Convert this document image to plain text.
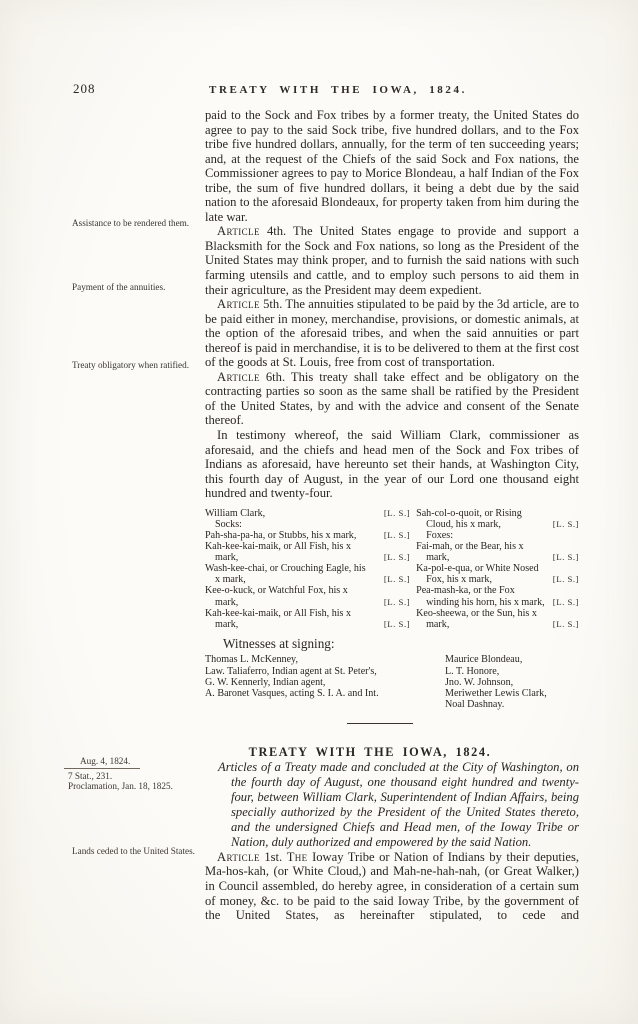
208	TREATY WITH THE IOWA, 1824.
Assistance to be rendered them.
Payment of the annuities.
Treaty obligatory when ratified.
Aug. 4, 1824.
7 Stat., 231.
Proclamation, Jan. 18, 1825.
Lands ceded to the United States.

paid to the Sock and Fox tribes by a former treaty, the United States do agree to pay to the said Sock tribe, five hundred dollars, and to the Fox tribe five hundred dollars, annually, for the term of ten succeeding years; and, at the request of the Chiefs of the said Sock and Fox nations, the Commissioner agrees to pay to Morice Blondeau, a half Indian of the Fox tribe, the sum of five hundred dollars, it being a debt due by the said nation to the aforesaid Blondeaux, for property taken from him during the late war.

Article 4th. The United States engage to provide and support a Blacksmith for the Sock and Fox nations, so long as the President of the United States may think proper, and to furnish the said nations with such farming utensils and cattle, and to employ such persons to aid them in their agriculture, as the President may deem expedient.

Article 5th. The annuities stipulated to be paid by the 3d article, are to be paid either in money, merchandise, provisions, or domestic animals, at the option of the aforesaid tribes, and when the said annuities or part thereof is paid in merchandise, it is to be delivered to them at the first cost of the goods at St. Louis, free from cost of transportation.

Article 6th. This treaty shall take effect and be obligatory on the contracting parties so soon as the same shall be ratified by the President of the United States, by and with the advice and consent of the Senate thereof.

In testimony whereof, the said William Clark, commissioner as aforesaid, and the chiefs and head men of the Sock and Fox tribes of Indians as aforesaid, have hereunto set their hands, at Washington City, this fourth day of August, in the year of our Lord one thousand eight hundred and twenty-four.

William Clark,	[L. S.]
Socks:
Pah-sha-pa-ha, or Stubbs, his x mark,	[L. S.]
Kah-kee-kai-maik, or All Fish, his x mark,	[L. S.]
Wash-kee-chai, or Crouching Eagle, his x mark,	[L. S.]
Kee-o-kuck, or Watchful Fox, his x mark,	[L. S.]
Kah-kee-kai-maik, or All Fish, his x mark,	[L. S.]
Sah-col-o-quoit, or Rising Cloud, his x mark,	[L. S.]
Foxes:
Fai-mah, or the Bear, his x mark,	[L. S.]
Ka-pol-e-qua, or White Nosed Fox, his x mark,	[L. S.]
Pea-mash-ka, or the Fox winding his horn, his x mark, [L. S.]
Keo-sheewa, or the Sun, his x mark,	[L. S.]
Witnesses at signing:
Thomas L. McKenney,
Law. Taliaferro, Indian agent at St. Peter's,
G. W. Kennerly, Indian agent,
A. Baronet Vasques, acting S. I. A. and Int.
Maurice Blondeau,
L. T. Honore,
Jno. W. Johnson,
Meriwether Lewis Clark,
Noal Dashnay.
TREATY WITH THE IOWA, 1824.

Articles of a Treaty made and concluded at the City of Washington, on the fourth day of August, one thousand eight hundred and twenty-four, between William Clark, Superintendent of Indian Affairs, being specially authorized by the President of the United States thereto, and the undersigned Chiefs and Head men, of the Ioway Tribe or Nation, duly authorized and empowered by the said Nation.

Article 1st. The Ioway Tribe or Nation of Indians by their deputies, Ma-hos-kah, (or White Cloud,) and Mah-ne-hah-nah, (or Great Walker,) in Council assembled, do hereby agree, in consideration of a certain sum of money, &c. to be paid to the said Ioway Tribe, by the government of the United States, as hereinafter stipulated, to cede and
